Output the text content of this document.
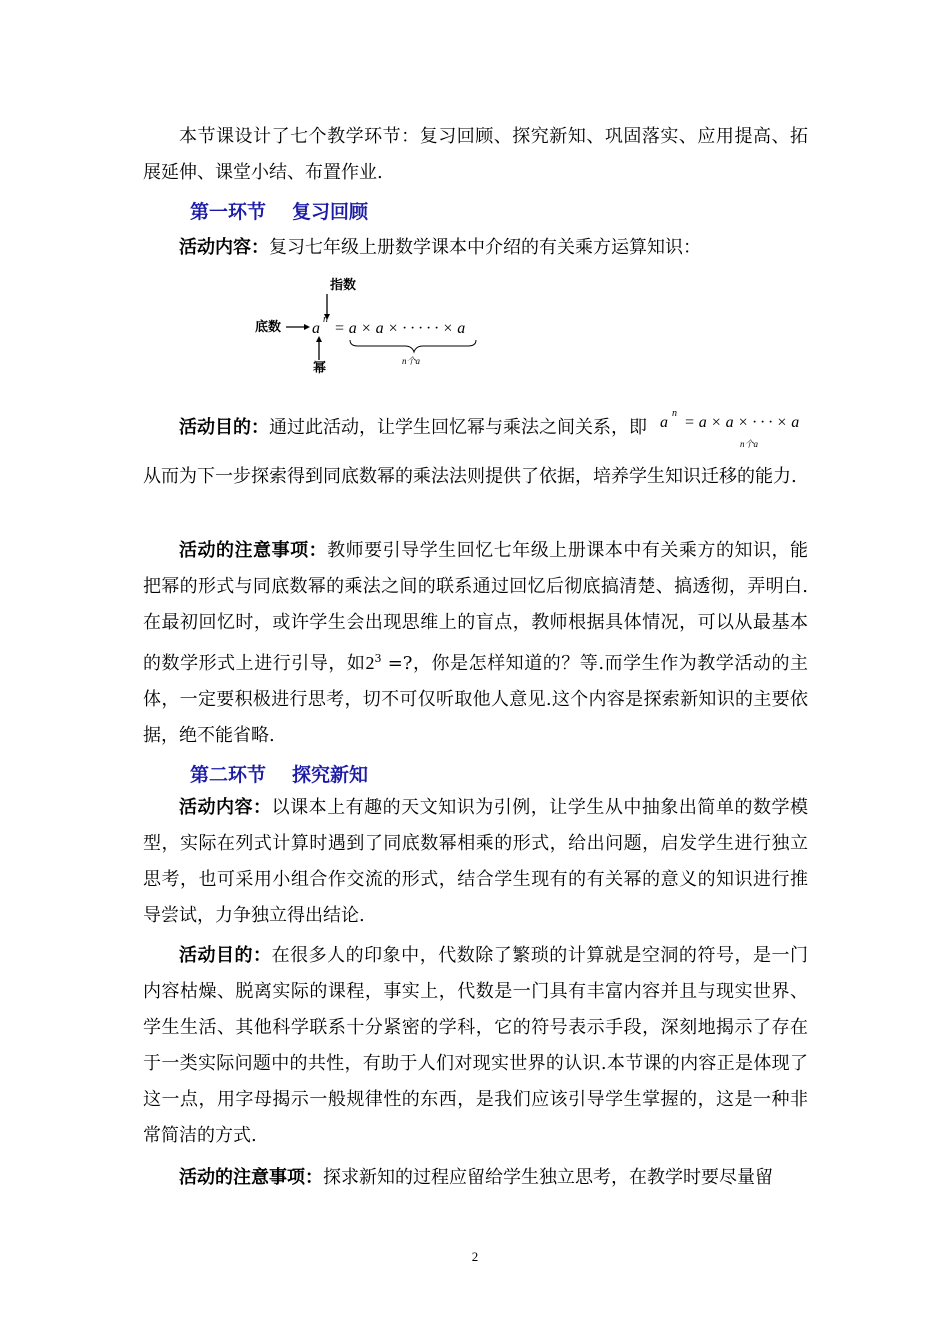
本节课设计了七个教学环节：复习回顾、探究新知、巩固落实、应用提高、拓展延伸、课堂小结、布置作业.

第一环节 复习回顾

活动内容：复习七年级上册数学课本中介绍的有关乘方运算知识：

指数
底数 a
n
= a × a × · · · · · × a
幂	n个a

活动目的：通过此活动，让学生回忆幂与乘法之间关系，即 a
n
= a × a × · · · × a
n个a

从而为下一步探索得到同底数幂的乘法法则提供了依据，培养学生知识迁移的能力.

活动的注意事项：教师要引导学生回忆七年级上册课本中有关乘方的知识，能把幂的形式与同底数幂的乘法之间的联系通过回忆后彻底搞清楚、搞透彻，弄明白.在最初回忆时，或许学生会出现思维上的盲点，教师根据具体情况，可以从最基本的数学形式上进行引导，如$2^3$ =?，你是怎样知道的？等.而学生作为教学活动的主体，一定要积极进行思考，切不可仅听取他人意见.这个内容是探索新知识的主要依据，绝不能省略.

第二环节 探究新知

活动内容：以课本上有趣的天文知识为引例，让学生从中抽象出简单的数学模型，实际在列式计算时遇到了同底数幂相乘的形式，给出问题，启发学生进行独立思考，也可采用小组合作交流的形式，结合学生现有的有关幂的意义的知识进行推导尝试，力争独立得出结论.

活动目的：在很多人的印象中，代数除了繁琐的计算就是空洞的符号，是一门内容枯燥、脱离实际的课程，事实上，代数是一门具有丰富内容并且与现实世界、学生生活、其他科学联系十分紧密的学科，它的符号表示手段，深刻地揭示了存在于一类实际问题中的共性，有助于人们对现实世界的认识.本节课的内容正是体现了这一点，用字母揭示一般规律性的东西，是我们应该引导学生掌握的，这是一种非常简洁的方式.

活动的注意事项：探求新知的过程应留给学生独立思考，在教学时要尽量留

2
